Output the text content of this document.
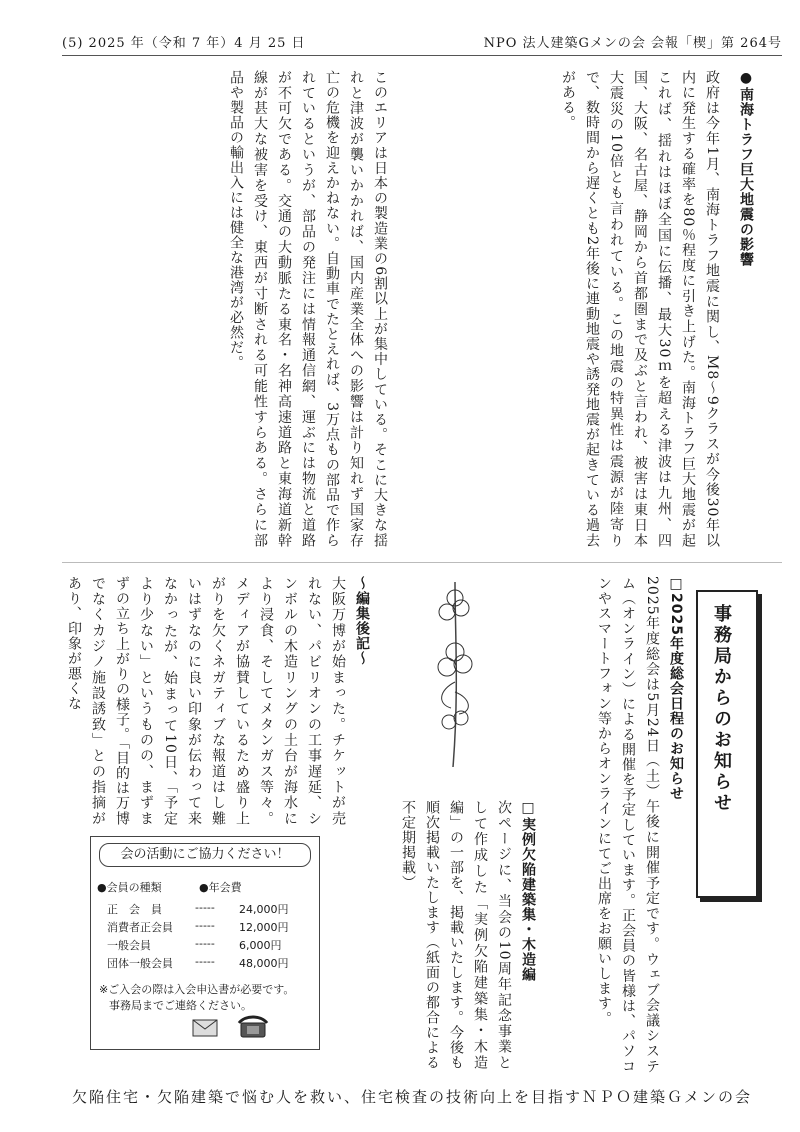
(5) 2025 年（令和 7 年）4 月 25 日	NPO 法人建築Gメンの会 会報「楔」第 264号

●南海トラフ巨大地震の影響

政府は今年1月、南海トラフ地震に関し、M8～9クラスが今後30年以内に発生する確率を80％程度に引き上げた。南海トラフ巨大地震が起これば、揺れはほぼ全国に伝播、最大30ｍを超える津波は九州、四国、大阪、名古屋、静岡から首都圏まで及ぶと言われ、被害は東日本大震災の10倍とも言われている。この地震の特異性は震源が陸寄りで、数時間から遅くとも2年後に連動地震や誘発地震が起きている過去がある。

このエリアは日本の製造業の6割以上が集中している。そこに大きな揺れと津波が襲いかかれば、国内産業全体への影響は計り知れず国家存亡の危機を迎えかねない。自動車でたとえれば、3万点もの部品で作られているというが、部品の発注には情報通信網、運ぶには物流と道路が不可欠である。交通の大動脈たる東名・名神高速道路と東海道新幹線が甚大な被害を受け、東西が寸断される可能性すらある。さらに部品や製品の輸出入には健全な港湾が必然だ。

事務局からのお知らせ

□2025年度総会日程のお知らせ

2025年度総会は5月24日（土）午後に開催予定です。ウェブ会議システム（オンライン）による開催を予定しています。正会員の皆様は、パソコンやスマートフォン等からオンラインにてご出席をお願いします。

□実例欠陥建築集・木造編

次ページに、当会の10周年記念事業として作成した「実例欠陥建築集・木造編」の一部を、掲載いたします。今後も順次掲載いたします（紙面の都合による不定期掲載）

～編集後記～

大阪万博が始まった。チケットが売れない、パビリオンの工事遅延、シンボルの木造リングの土台が海水により浸食、そしてメタンガス等々。メディアが協賛しているため盛り上がりを欠くネガティブな報道はし難いはずなのに良い印象が伝わって来なかったが、始まって10日、「予定より少ない」というものの、まずまずの立ち上がりの様子。「目的は万博でなくカジノ施設誘致」との指摘があり、印象が悪くな

会の活動にご協力ください！
●会員の種類	●年会費
正　会　員	----- 24,000円
消費者正会員 ----- 12,000円
一般会員	----- 6,000円
団体一般会員 ----- 48,000円
※ご入会の際は入会申込書が必要です。
事務局までご連絡ください。
欠陥住宅・欠陥建築で悩む人を救い、住宅検査の技術向上を目指すＮＰＯ建築Ｇメンの会
